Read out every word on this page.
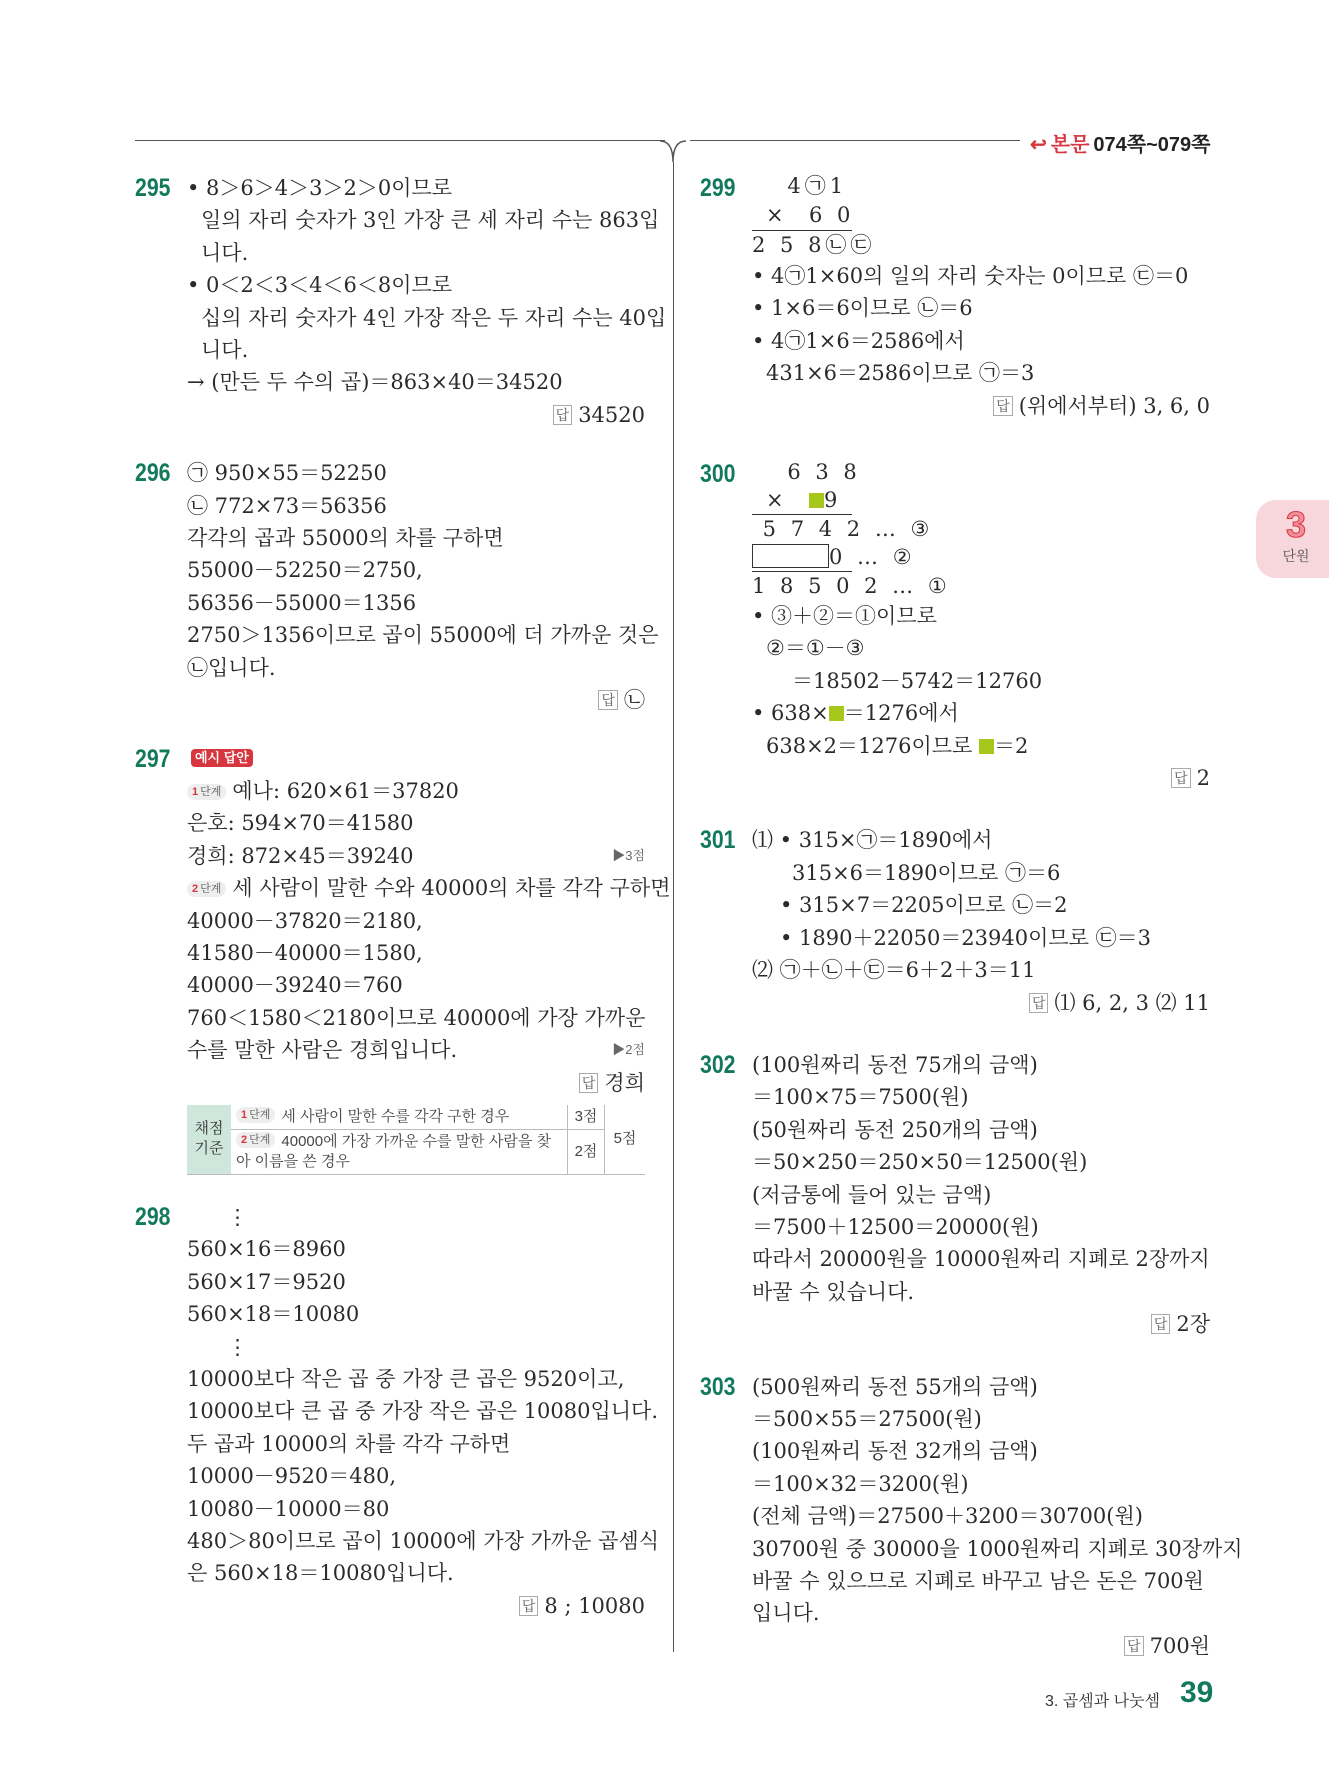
↩ 본문 074쪽~079쪽
3
단원
295 • 8＞6＞4＞3＞2＞0이므로
일의 자리 숫자가 3인 가장 큰 세 자리 수는 863입
니다.
• 0＜2＜3＜4＜6＜8이므로
십의 자리 숫자가 4인 가장 작은 두 자리 수는 40입
니다.
→ (만든 두 수의 곱)＝863×40＝34520
답 34520
296 ㉠ 950×55＝52250
㉡ 772×73＝56356
각각의 곱과 55000의 차를 구하면
55000－52250＝2750,
56356－55000＝1356
2750＞1356이므로 곱이 55000에 더 가까운 것은
㉡입니다.
답 ㉡
297	예시 답안
1 단계 예나: 620×61＝37820
은호: 594×70＝41580
경희: 872×45＝39240	▶3점
2 단계 세 사람이 말한 수와 40000의 차를 각각 구하면
40000－37820＝2180,
41580－40000＝1580,
40000－39240＝760
760＜1580＜2180이므로 40000에 가장 가까운
수를 말한 사람은 경희입니다.	▶2점
답 경희
채점 기준	1 단계 세 사람이 말한 수를 각각 구한 경우	3점	5점
	2 단계 40000에 가장 가까운 수를 말한 사람을 찾아 이름을 쓴 경우	2점	
298	⋮
560×16＝8960
560×17＝9520
560×18＝10080
⋮
10000보다 작은 곱 중 가장 큰 곱은 9520이고,
10000보다 큰 곱 중 가장 작은 곱은 10080입니다.
두 곱과 10000의 차를 각각 구하면
10000－9520＝480,
10080－10000＝80
480＞80이므로 곱이 10000에 가장 가까운 곱셈식
은 560×18＝10080입니다.
답 8 ; 10080
299	4㉠1
×  6 0
2 5 8㉡㉢
• 4㉠1×60의 일의 자리 숫자는 0이므로 ㉢＝0
• 1×6＝6이므로 ㉡＝6
• 4㉠1×6＝2586에서
431×6＝2586이므로 ㉠＝3
답 (위에서부터) 3, 6, 0
300	6 3 8
×  9
5 7 4 2 … ③
0 … ②
1 8 5 0 2 … ①
• ③＋②＝①이므로
②＝①－③
＝18502－5742＝12760
• 638× ＝1276에서
638×2＝1276이므로 ＝2
답 2
301 ⑴ • 315×㉠＝1890에서
315×6＝1890이므로 ㉠＝6
• 315×7＝2205이므로 ㉡＝2
• 1890＋22050＝23940이므로 ㉢＝3
⑵ ㉠＋㉡＋㉢＝6＋2＋3＝11
답 ⑴ 6, 2, 3 ⑵ 11
302 (100원짜리 동전 75개의 금액)
＝100×75＝7500(원)
(50원짜리 동전 250개의 금액)
＝50×250＝250×50＝12500(원)
(저금통에 들어 있는 금액)
＝7500＋12500＝20000(원)
따라서 20000원을 10000원짜리 지폐로 2장까지
바꿀 수 있습니다.
답 2장
303 (500원짜리 동전 55개의 금액)
＝500×55＝27500(원)
(100원짜리 동전 32개의 금액)
＝100×32＝3200(원)
(전체 금액)＝27500＋3200＝30700(원)
30700원 중 30000을 1000원짜리 지폐로 30장까지
바꿀 수 있으므로 지폐로 바꾸고 남은 돈은 700원
입니다.
답 700원
3. 곱셈과 나눗셈 39
